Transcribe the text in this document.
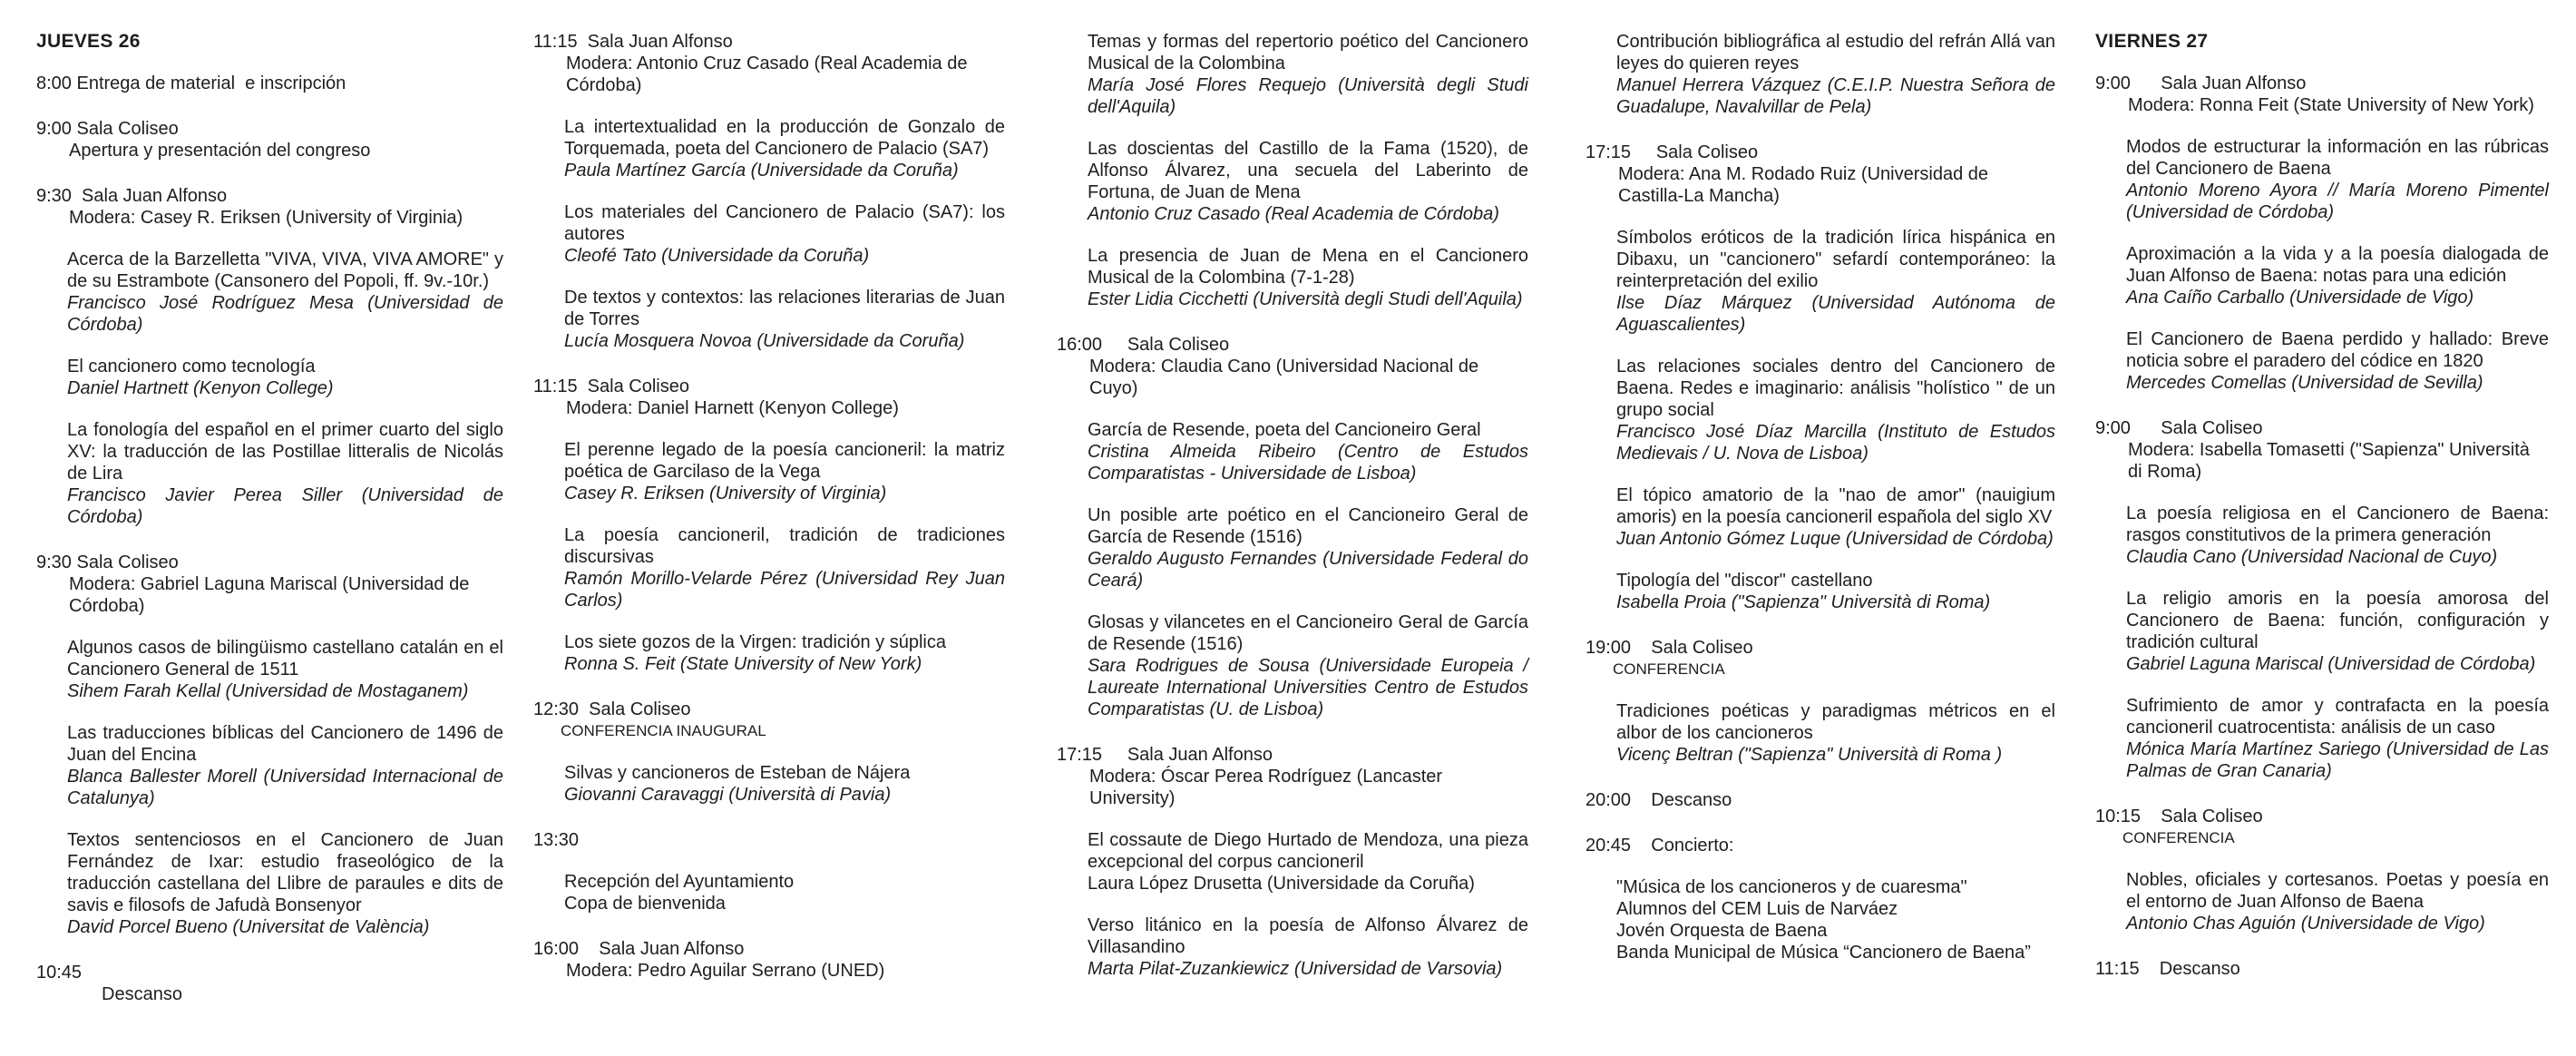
JUEVES 26
8:00 Entrega de material  e inscripción
9:00 Sala Coliseo
Apertura y presentación del congreso
9:30  Sala Juan Alfonso
Modera: Casey R. Eriksen (University of Virginia)
Acerca de la Barzelletta "VIVA, VIVA, VIVA AMORE" y de su Estrambote (Cansonero del Popoli, ff. 9v.-10r.)
Francisco José Rodríguez Mesa (Universidad de Córdoba)
El cancionero como tecnología
Daniel Hartnett (Kenyon College)
La fonología del español en el primer cuarto del siglo XV: la traducción de las Postillae litteralis de Nicolás de Lira
Francisco Javier Perea Siller (Universidad de Córdoba)
9:30 Sala Coliseo
Modera: Gabriel Laguna Mariscal (Universidad de Córdoba)
Algunos casos de bilingüismo castellano catalán en el Cancionero General de 1511
Sihem Farah Kellal (Universidad de Mostaganem)
Las traducciones bíblicas del Cancionero de 1496 de Juan del Encina
Blanca Ballester Morell (Universidad Internacional de Catalunya)
Textos sentenciosos en el Cancionero de Juan Fernández de Ixar: estudio fraseológico de la traducción castellana del Llibre de paraules e dits de savis e filosofs de Jafudà Bonsenyor
David Porcel Bueno (Universitat de València)
10:45
Descanso
11:15  Sala Juan Alfonso
Modera: Antonio Cruz Casado (Real Academia de Córdoba)
La intertextualidad en la producción de Gonzalo de Torquemada, poeta del Cancionero de Palacio (SA7)
Paula Martínez García (Universidade da Coruña)
Los materiales del Cancionero de Palacio (SA7): los autores
Cleofé Tato (Universidade da Coruña)
De textos y contextos: las relaciones literarias de Juan de Torres
Lucía Mosquera Novoa (Universidade da Coruña)
11:15  Sala Coliseo
Modera: Daniel Harnett (Kenyon College)
El perenne legado de la poesía cancioneril: la matriz poética de Garcilaso de la Vega
Casey R. Eriksen (University of Virginia)
La poesía cancioneril, tradición de tradiciones discursivas
Ramón Morillo-Velarde Pérez (Universidad Rey Juan Carlos)
Los siete gozos de la Virgen: tradición y súplica
Ronna S. Feit (State University of New York)
12:30  Sala Coliseo
CONFERENCIA INAUGURAL
Silvas y cancioneros de Esteban de Nájera
Giovanni Caravaggi (Università di Pavia)
13:30
Recepción del Ayuntamiento
Copa de bienvenida
16:00    Sala Juan Alfonso
Modera: Pedro Aguilar Serrano (UNED)
Temas y formas del repertorio poético del Cancionero Musical de la Colombina
María José Flores Requejo (Università degli Studi dell'Aquila)
Las doscientas del Castillo de la Fama (1520), de Alfonso Álvarez, una secuela del Laberinto de Fortuna, de Juan de Mena
Antonio Cruz Casado (Real Academia de Córdoba)
La presencia de Juan de Mena en el Cancionero Musical de la Colombina (7-1-28)
Ester Lidia Cicchetti (Università degli Studi dell'Aquila)
16:00     Sala Coliseo
Modera: Claudia Cano (Universidad Nacional de Cuyo)
García de Resende, poeta del Cancioneiro Geral
Cristina Almeida Ribeiro (Centro de Estudos Comparatistas - Universidade de Lisboa)
Un posible arte poético en el Cancioneiro Geral de García de Resende (1516)
Geraldo Augusto Fernandes (Universidade Federal do Ceará)
Glosas y vilancetes en el Cancioneiro Geral de García de Resende (1516)
Sara Rodrigues de Sousa (Universidade Europeia / Laureate International Universities Centro de Estudos Comparatistas (U. de Lisboa)
17:15     Sala Juan Alfonso
Modera: Óscar Perea Rodríguez (Lancaster University)
El cossaute de Diego Hurtado de Mendoza, una pieza excepcional del corpus cancioneril
Laura López Drusetta (Universidade da Coruña)
Verso litánico en la poesía de Alfonso Álvarez de Villasandino
Marta Pilat-Zuzankiewicz (Universidad de Varsovia)
Contribución bibliográfica al estudio del refrán Allá van leyes do quieren reyes
Manuel Herrera Vázquez (C.E.I.P. Nuestra Señora de Guadalupe, Navalvillar de Pela)
17:15     Sala Coliseo
Modera: Ana M. Rodado Ruiz (Universidad de Castilla-La Mancha)
Símbolos eróticos de la tradición lírica hispánica en Dibaxu, un "cancionero" sefardí contemporáneo: la reinterpretación del exilio
Ilse Díaz Márquez (Universidad Autónoma de Aguascalientes)
Las relaciones sociales dentro del Cancionero de Baena. Redes e imaginario: análisis "holístico " de un grupo social
Francisco José Díaz Marcilla (Instituto de Estudos Medievais / U. Nova de Lisboa)
El tópico amatorio de la "nao de amor" (nauigium amoris) en la poesía cancioneril española del siglo XV
Juan Antonio Gómez Luque (Universidad de Córdoba)
Tipología del "discor" castellano
Isabella Proia ("Sapienza" Università di Roma)
19:00    Sala Coliseo
CONFERENCIA
Tradiciones poéticas y paradigmas métricos en el albor de los cancioneros
Vicenç Beltran ("Sapienza" Università di Roma )
20:00    Descanso
20:45    Concierto:
"Música de los cancioneros y de cuaresma"
Alumnos del CEM Luis de Narváez
Jovén Orquesta de Baena
Banda Municipal de Música “Cancionero de Baena”
VIERNES 27
9:00      Sala Juan Alfonso
Modera: Ronna Feit (State University of New York)
Modos de estructurar la información en las rúbricas del Cancionero de Baena
Antonio Moreno Ayora // María Moreno Pimentel (Universidad de Córdoba)
Aproximación a la vida y a la poesía dialogada de Juan Alfonso de Baena: notas para una edición
Ana Caíño Carballo (Universidade de Vigo)
El Cancionero de Baena perdido y hallado: Breve noticia sobre el paradero del códice en 1820
Mercedes Comellas (Universidad de Sevilla)
9:00      Sala Coliseo
Modera: Isabella Tomasetti ("Sapienza" Università di Roma)
La poesía religiosa en el Cancionero de Baena: rasgos constitutivos de la primera generación
Claudia Cano (Universidad Nacional de Cuyo)
La religio amoris en la poesía amorosa del Cancionero de Baena: función, configuración y tradición cultural
Gabriel Laguna Mariscal (Universidad de Córdoba)
Sufrimiento de amor y contrafacta en la poesía cancioneril cuatrocentista: análisis de un caso
Mónica María Martínez Sariego (Universidad de Las Palmas de Gran Canaria)
10:15    Sala Coliseo
CONFERENCIA
Nobles, oficiales y cortesanos. Poetas y poesía en el entorno de Juan Alfonso de Baena
Antonio Chas Aguión (Universidade de Vigo)
11:15    Descanso
